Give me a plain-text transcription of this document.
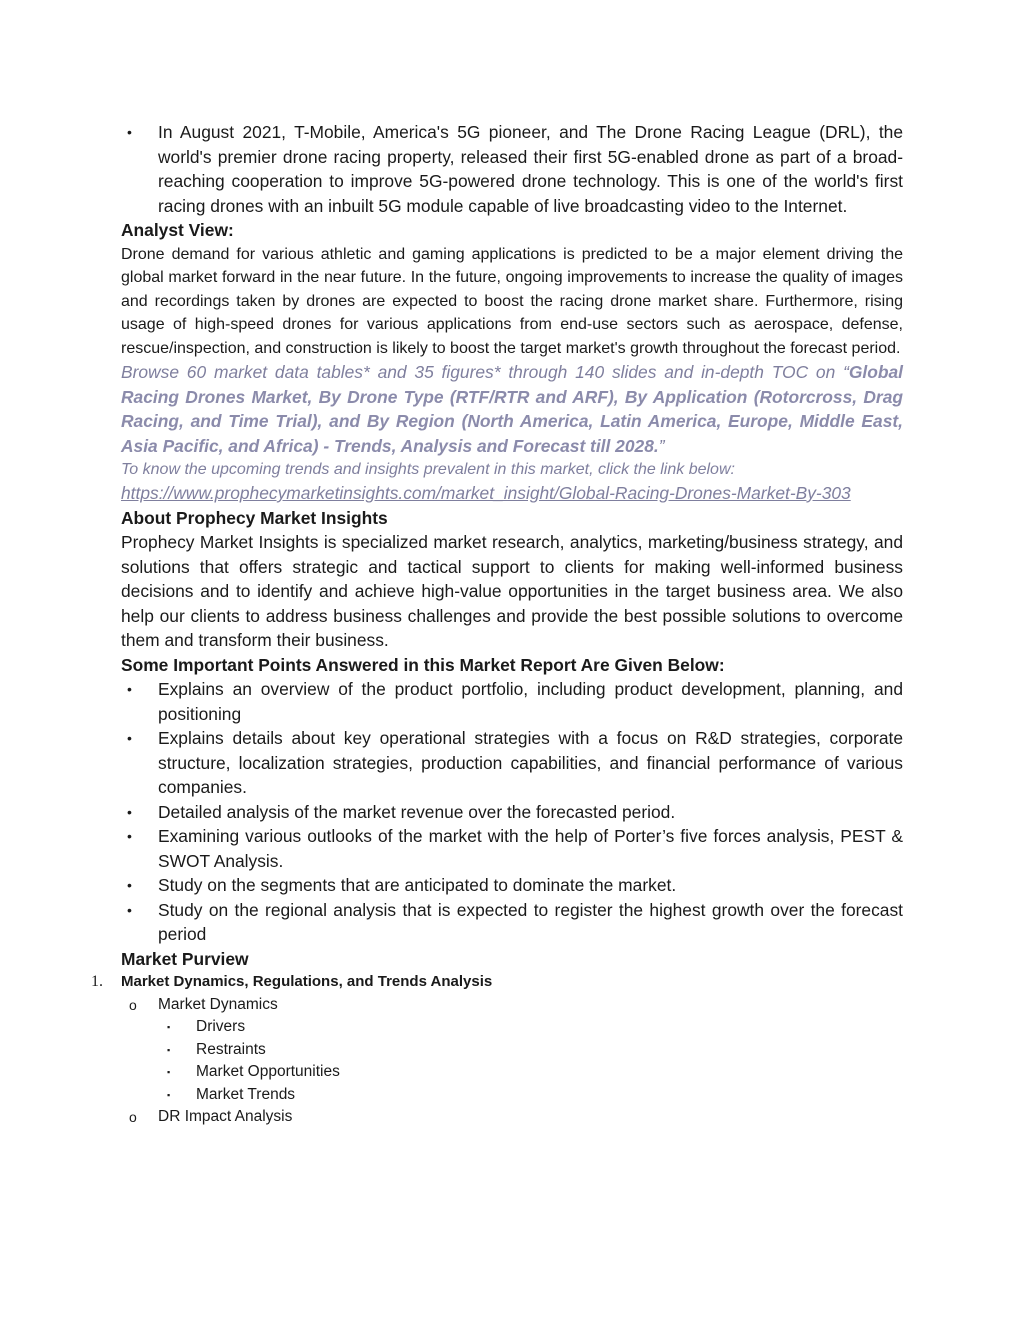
• In August 2021, T-Mobile, America's 5G pioneer, and The Drone Racing League (DRL), the world's premier drone racing property, released their first 5G-enabled drone as part of a broad-reaching cooperation to improve 5G-powered drone technology. This is one of the world's first racing drones with an inbuilt 5G module capable of live broadcasting video to the Internet.

Analyst View:

Drone demand for various athletic and gaming applications is predicted to be a major element driving the global market forward in the near future. In the future, ongoing improvements to increase the quality of images and recordings taken by drones are expected to boost the racing drone market share. Furthermore, rising usage of high-speed drones for various applications from end-use sectors such as aerospace, defense, rescue/inspection, and construction is likely to boost the target market's growth throughout the forecast period.

Browse 60 market data tables* and 35 figures* through 140 slides and in-depth TOC on “Global Racing Drones Market, By Drone Type (RTF/RTR and ARF), By Application (Rotorcross, Drag Racing, and Time Trial), and By Region (North America, Latin America, Europe, Middle East, Asia Pacific, and Africa) - Trends, Analysis and Forecast till 2028.”

To know the upcoming trends and insights prevalent in this market, click the link below:

https://www.prophecymarketinsights.com/market_insight/Global-Racing-Drones-Market-By-303

About Prophecy Market Insights

Prophecy Market Insights is specialized market research, analytics, marketing/business strategy, and solutions that offers strategic and tactical support to clients for making well-informed business decisions and to identify and achieve high-value opportunities in the target business area. We also help our clients to address business challenges and provide the best possible solutions to overcome them and transform their business.

Some Important Points Answered in this Market Report Are Given Below:

• Explains an overview of the product portfolio, including product development, planning, and positioning
• Explains details about key operational strategies with a focus on R&D strategies, corporate structure, localization strategies, production capabilities, and financial performance of various companies.
• Detailed analysis of the market revenue over the forecasted period.
• Examining various outlooks of the market with the help of Porter’s five forces analysis, PEST & SWOT Analysis.
• Study on the segments that are anticipated to dominate the market.
• Study on the regional analysis that is expected to register the highest growth over the forecast period

Market Purview

1. Market Dynamics, Regulations, and Trends Analysis
o Market Dynamics
▪ Drivers
▪ Restraints
▪ Market Opportunities
▪ Market Trends
o DR Impact Analysis
